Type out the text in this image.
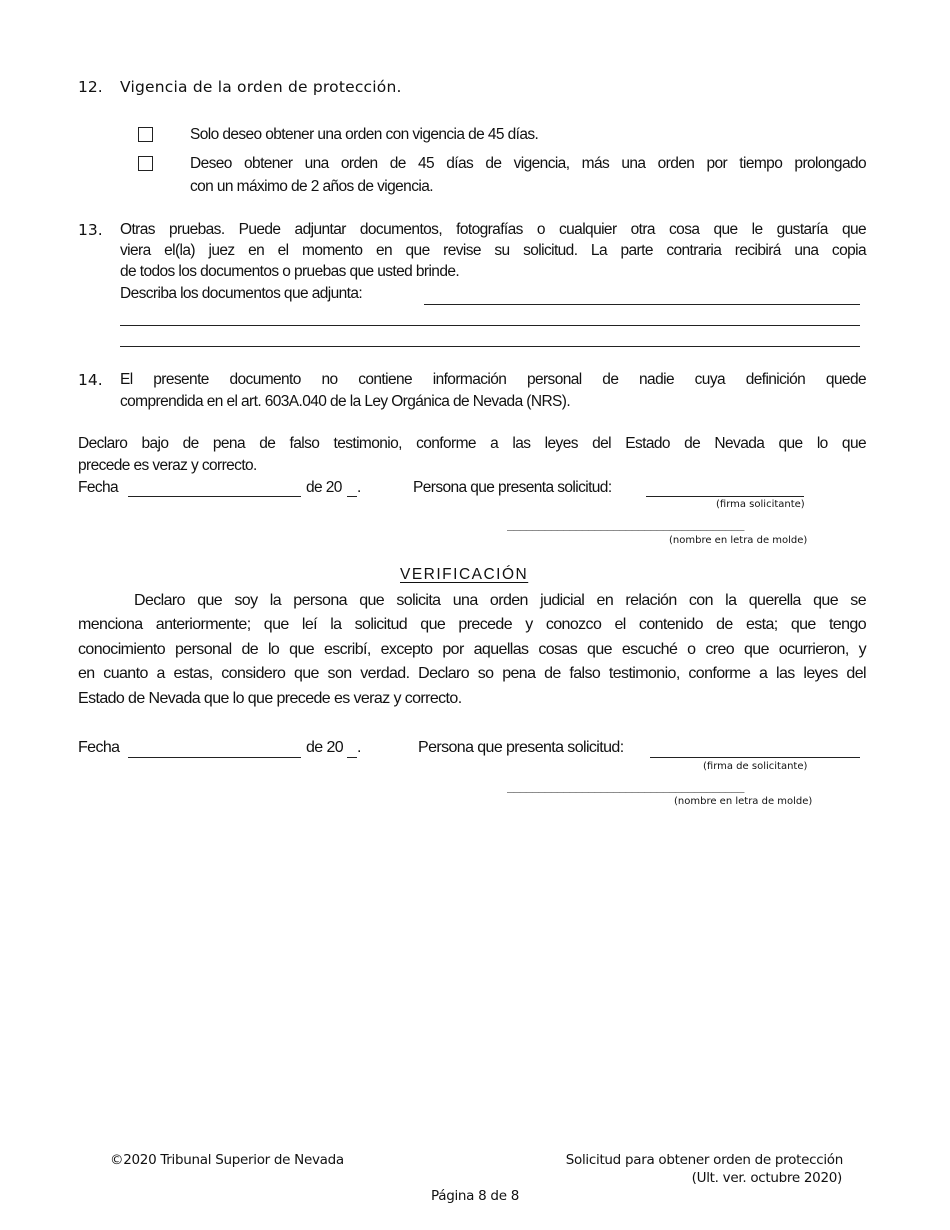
12. Vigencia de la orden de protección.
Solo deseo obtener una orden con vigencia de 45 días.
Deseo obtener una orden de 45 días de vigencia, más una orden por tiempo prolongado
con un máximo de 2 años de vigencia.
13. Otras pruebas. Puede adjuntar documentos, fotografías o cualquier otra cosa que le gustaría que
viera el(la) juez en el momento en que revise su solicitud. La parte contraria recibirá una copia
de todos los documentos o pruebas que usted brinde.
Describa los documentos que adjunta:
14. El presente documento no contiene información personal de nadie cuya definición quede
comprendida en el art. 603A.040 de la Ley Orgánica de Nevada (NRS).
Declaro bajo de pena de falso testimonio, conforme a las leyes del Estado de Nevada que lo que
precede es veraz y correcto.
Fecha	de 20 .	Persona que presenta solicitud:
(firma solicitante)
______________________________________
(nombre en letra de molde)
VERIFICACIÓN
Declaro que soy la persona que solicita una orden judicial en relación con la querella que se
menciona anteriormente; que leí la solicitud que precede y conozco el contenido de esta; que tengo
conocimiento personal de lo que escribí, excepto por aquellas cosas que escuché o creo que ocurrieron, y
en cuanto a estas, considero que son verdad. Declaro so pena de falso testimonio, conforme a las leyes del
Estado de Nevada que lo que precede es veraz y correcto.
Fecha	de 20 .	Persona que presenta solicitud:
(firma de solicitante)
______________________________________
(nombre en letra de molde)
©2020 Tribunal Superior de Nevada	Solicitud para obtener orden de protección
(Ult. ver. octubre 2020)
Página 8 de 8
